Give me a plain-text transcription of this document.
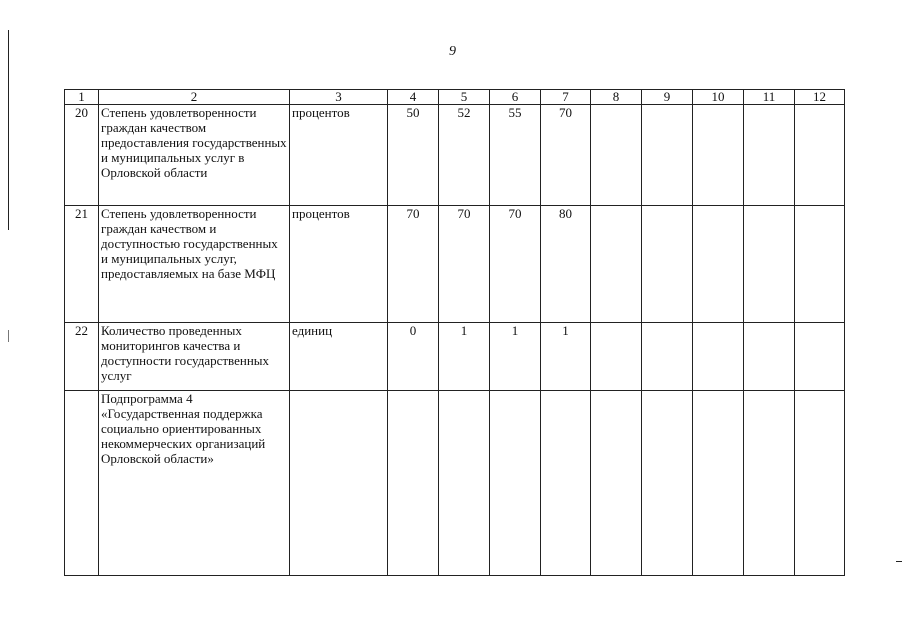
9
1	2	3	4	5	6	7	8	9	10	11	12
20	Степень удовлетворенности граждан качеством предоставления государственных и муниципальных услуг в Орловской области	процентов	50	52	55	70					
21	Степень удовлетворенности граждан качеством и доступностью государственных и муниципальных услуг, предоставляемых на базе МФЦ	процентов	70	70	70	80					
22	Количество проведенных мониторингов качества и доступности государственных услуг	единиц	0	1	1	1					
	Подпрограмма 4 «Государственная поддержка социально ориентированных некоммерческих организаций Орловской области»										
